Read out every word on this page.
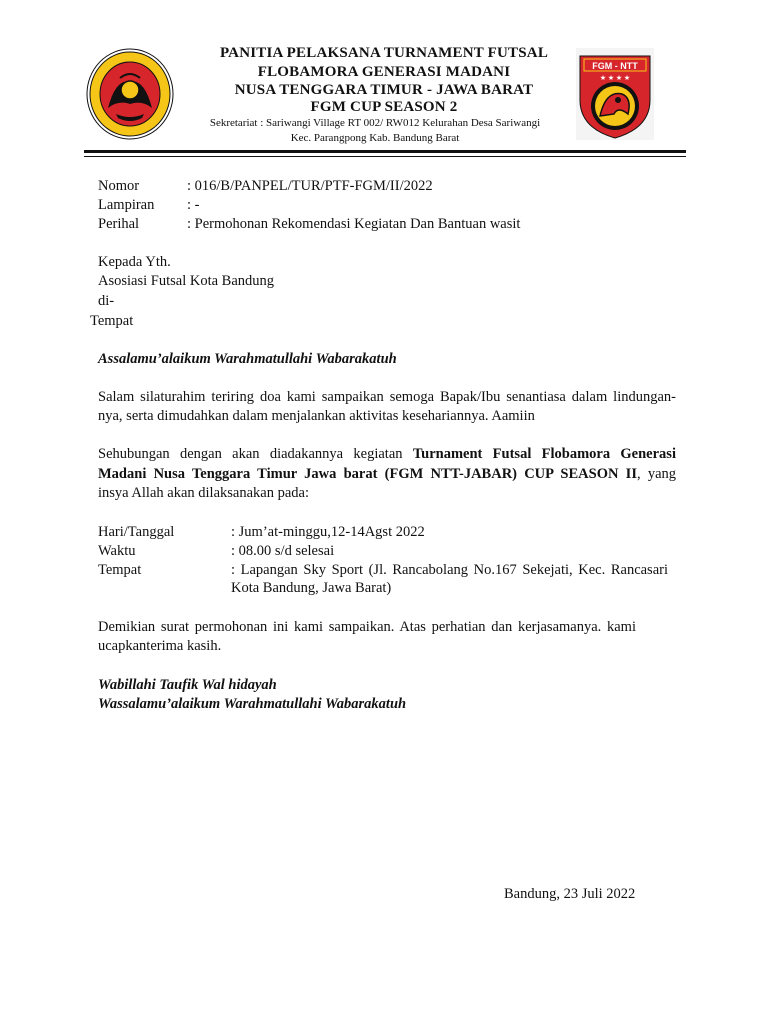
FGM - NTT
★ ★ ★ ★
PANITIA PELAKSANA TURNAMENT FUTSAL
FLOBAMORA GENERASI MADANI
NUSA TENGGARA TIMUR - JAWA BARAT
FGM CUP SEASON 2
Sekretariat : Sariwangi Village RT 002/ RW012 Kelurahan Desa Sariwangi
Kec. Parangpong Kab. Bandung Barat
Nomor	: 016/B/PANPEL/TUR/PTF-FGM/II/2022
Lampiran : -
Perihal	: Permohonan Rekomendasi Kegiatan Dan Bantuan wasit
Kepada Yth.
Asosiasi Futsal Kota Bandung
di-
Tempat
Assalamu’alaikum Warahmatullahi Wabarakatuh
Salam silaturahim teriring doa kami sampaikan semoga Bapak/Ibu senantiasa dalam lindungan-
nya, serta dimudahkan dalam menjalankan aktivitas kesehariannya. Aamiin
Sehubungan dengan akan diadakannya kegiatan Turnament Futsal Flobamora Generasi
Madani Nusa Tenggara Timur Jawa barat (FGM NTT-JABAR) CUP SEASON II, yang
insya Allah akan dilaksanakan pada:
Hari/Tanggal	: Jum’at-minggu,12-14Agst 2022
Waktu	: 08.00 s/d selesai
Tempat	: Lapangan Sky Sport (Jl. Rancabolang No.167 Sekejati, Kec. Rancasari
Kota Bandung, Jawa Barat)
Demikian surat permohonan ini kami sampaikan. Atas perhatian dan kerjasamanya. kami
ucapkanterima kasih.
Wabillahi Taufik Wal hidayah
Wassalamu’alaikum Warahmatullahi Wabarakatuh
Bandung, 23 Juli 2022
